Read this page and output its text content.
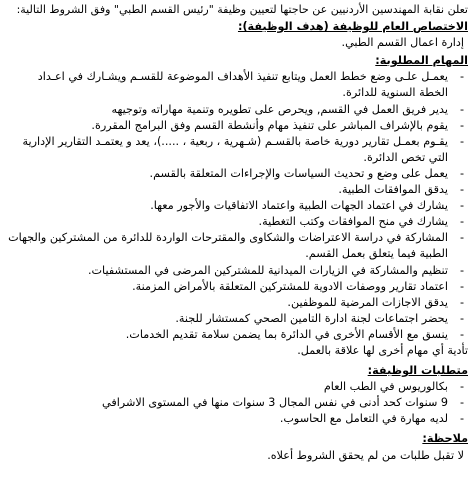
تعلن نقابة المهندسين الأردنيين عن حاجتها لتعيين وظيفة "رئيس القسم الطبي" وفق الشروط التالية:
الاختصاص العام للوظيفة (هدف الوظيفة):
إدارة اعمال القسم الطبي.
المهام المطلوبة:
- يعمـل علـى وضع خطط العمل ويتابع تنفيذ الأهداف الموضوعة للقسـم ويشـارك في اعـداد
الخطة السنوية للدائرة.
- يدير فريق العمل في القسم, ويحرص على تطويره وتنمية مهاراته وتوجيهه
- يقوم بالإشراف المباشر على تنفيذ مهام وأنشطة القسم وفق البرامج المقررة.
- يقـوم بعمـل تقارير دورية خاصة بالقسـم (شـهرية ، ربعية ، .....)، يعد و يعتمـد التقارير الإدارية
التي تخص الدائرة.
- يعمل على وضع و تحديث السياسات والإجراءات المتعلقة بالقسم.
- يدقق الموافقات الطبية.
- يشارك في اعتماد الجهات الطبية واعتماد الاتفاقيات والأجور معها.
- يشارك في منح الموافقات وكتب التغطية.
- المشاركة في دراسة الاعتراضات والشكاوى والمقترحات الواردة للدائرة من المشتركين والجهات
الطبية فيما يتعلق بعمل القسم.
- تنظيم والمشاركة في الزيارات الميدانية للمشتركين المرضى في المستشفيات.
- اعتماد تقارير ووصفات الادوية للمشتركين المتعلقة بالأمراض المزمنة.
- يدقق الاجازات المرضية للموظفين.
- يحضر اجتماعات لجنة ادارة التامين الصحي كمستشار للجنة.
- ينسق مع الأقسام الأخرى في الدائرة بما يضمن سلامة تقديم الخدمات.
تأدية أي مهام أخرى لها علاقة بالعمل.
متطلبات الوظيفة:
- بكالوريوس في الطب العام
- 9 سنوات كحد أدنى في نفس المجال 3 سنوات منها في المستوى الاشرافي
- لديه مهارة في التعامل مع الحاسوب.
ملاحظة:
لا تقبل طلبات من لم يحقق الشروط أعلاه.
